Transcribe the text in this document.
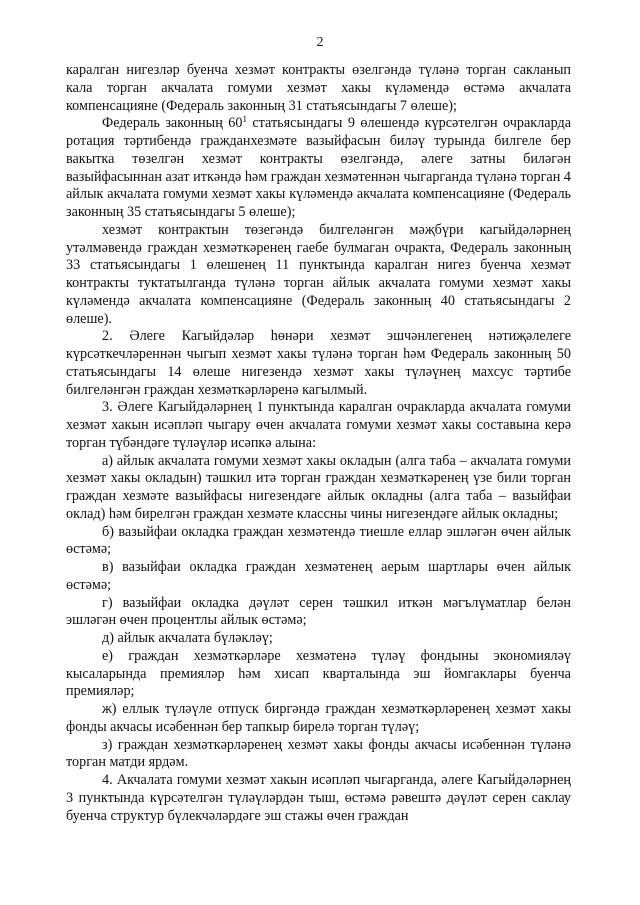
2

каралган нигезләр буенча хезмәт контракты өзелгәндә түләнә торган сакланып кала торган акчалата гомуми хезмәт хакы күләмендә өстәмә акчалата компенсацияне (Федераль законның 31 статьясындагы 7 өлеше);

Федераль законның $60^1$ статьясындагы 9 өлешендә күрсәтелгән очракларда ротация тәртибендә гражданхезмәте вазыйфасын биләү турында билгеле бер вакытка төзелгән хезмәт контракты өзелгәндә, әлеге затны биләгән вазыйфасыннан азат иткәндә һәм граждан хезмәтеннән чыгарганда түләнә торган 4 айлык акчалата гомуми хезмәт хакы күләмендә акчалата компенсацияне (Федераль законның 35 статьясындагы 5 өлеше);

хезмәт контрактын төзегәндә билгеләнгән мәҗбүри кагыйдәләрнең утәлмәвендә граждан хезмәткәренең гаебе булмаган очракта, Федераль законның 33 статьясындагы 1 өлешенең 11 пунктында каралган нигез буенча хезмәт контракты туктатылганда түләнә торган айлык акчалата гомуми хезмәт хакы күләмендә акчалата компенсацияне (Федераль законның 40 статьясындагы 2 өлеше).

2. Әлеге Кагыйдәләр һөнәри хезмәт эшчәнлегенең нәтиҗәлелеге күрсәткечләреннән чыгып хезмәт хакы түләнә торган һәм Федераль законның 50 статьясындагы 14 өлеше нигезендә хезмәт хакы түләүнең махсус тәртибе билгеләнгән граждан хезмәткәрләренә кагылмый.

3. Әлеге Кагыйдәләрнең 1 пунктында каралган очракларда акчалата гомуми хезмәт хакын исәпләп чыгару өчен акчалата гомуми хезмәт хакы составына керә торган түбәндәге түләүләр исәпкә алына:

а) айлык акчалата гомуми хезмәт хакы окладын (алга таба – акчалата гомуми хезмәт хакы окладын) тәшкил итә торган граждан хезмәткәренең үзе били торган граждан хезмәте вазыйфасы нигезендәге айлык окладны (алга таба – вазыйфаи оклад) һәм бирелгән граждан хезмәте классны чины нигезендәге айлык окладны;

б) вазыйфаи окладка граждан хезмәтендә тиешле еллар эшләгән өчен айлык өстәмә;

в) вазыйфаи окладка граждан хезмәтенең аерым шартлары өчен айлык өстәмә;

г) вазыйфаи окладка дәүләт серен тәшкил иткән мәгълүматлар белән эшләгән өчен процентлы айлык өстәмә;

д) айлык акчалата бүләкләү;

е) граждан хезмәткәрләре хезмәтенә түләү фондыны экономияләү кысаларында премияләр һәм хисап кварталында эш йомгаклары буенча премияләр;

ж) еллык түләүле отпуск биргәндә граждан хезмәткәрләренең хезмәт хакы фонды акчасы исәбеннән бер тапкыр бирелә торган түләү;

з) граждан хезмәткәрләренең хезмәт хакы фонды акчасы исәбеннән түләнә торган матди ярдәм.

4. Акчалата гомуми хезмәт хакын исәпләп чыгарганда, әлеге Кагыйдәләрнең 3 пунктында күрсәтелгән түләүләрдән тыш, өстәмә рәвештә дәүләт серен саклау буенча структур бүлекчәләрдәге эш стажы өчен граждан
